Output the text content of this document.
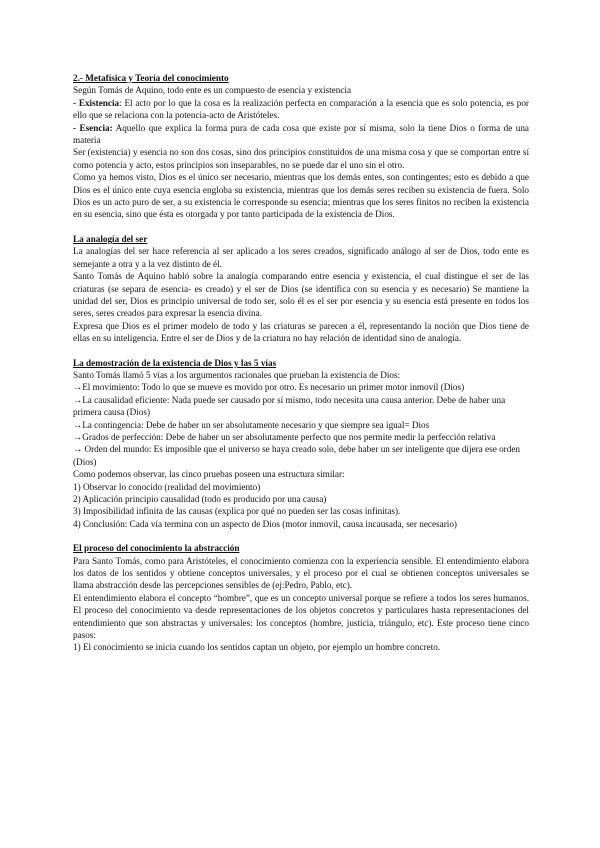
2.- Metafísica y Teoría del conocimiento

Según Tomás de Aquino, todo ente es un compuesto de esencia y existencia

- Existencia: El acto por lo que la cosa es la realización perfecta en comparación a la esencia que es solo potencia, es por ello que se relaciona con la potencia-acto de Aristóteles.

- Esencia: Aquello que explica la forma pura de cada cosa que existe por sí misma, solo la tiene Dios o forma de una materia

Ser (existencia) y esencia no son dos cosas, sino dos principios constituidos de una misma cosa y que se comportan entre sí como potencia y acto, estos principios son inseparables, no se puede dar el uno sin el otro.

Como ya hemos visto, Dios es el único ser necesario, mientras que los demás entes, son contingentes; esto es debido a que Dios es el único ente cuya esencia engloba su existencia, mientras que los demás seres reciben su existencia de fuera. Solo Dios es un acto puro de ser, a su existencia le corresponde su esencia; mientras que los seres finitos no reciben la existencia en su esencia, sino que ésta es otorgada y por tanto participada de la existencia de Dios.

La analogía del ser

La analogías del ser hace referencia al ser aplicado a los seres creados, significado análogo al ser de Dios, todo ente es semejante a otra y a la vez distinto de él.

Santo Tomás de Aquino habló sobre la analogía comparando entre esencia y existencia, el cual distingue el ser de las criaturas (se separa de esencia- es creado) y el ser de Dios (se identifica con su esencia y es necesario) Se mantiene la unidad del ser, Dios es principio universal de todo ser, solo él es el ser por esencia y su esencia está presente en todos los seres, seres creados para expresar la esencia divina.

Expresa que Dios es el primer modelo de todo y las criaturas se parecen a él, representando la noción que Dios tiene de ellas en su inteligencia. Entre el ser de Dios y de la criatura no hay relación de identidad sino de analogía.

La demostración de la existencia de Dios y las 5 vías

Santo Tomás llamó 5 vías a los argumentos racionales que prueban la existencia de Dios:

→El movimiento: Todo lo que se mueve es movido por otro. Es necesario un primer motor inmovil (Dios)

→La causalidad eficiente: Nada puede ser causado por sí mismo, todo necesita una causa anterior. Debe de haber una primera causa (Dios)

→La contingencia: Debe de haber un ser absolutamente necesario y que siempre sea igual= Dios

→Grados de perfección: Debe de haber un ser absolutamente perfecto que nos permite medir la perfección relativa

→ Orden del mundo: Es imposible que el universo se haya creado solo, debe haber un ser inteligente que dijera ese orden (Dios)

Como podemos observar, las cinco pruebas poseen una estructura similar:

1) Observar lo conocido (realidad del movimiento)

2) Aplicación principio causalidad (todo es producido por una causa)

3) Imposibilidad infinita de las causas (explica por qué no pueden ser las cosas infinitas).

4) Conclusión: Cada vía termina con un aspecto de Dios (motor inmovil, causa incausada, ser necesario)

El proceso del conocimiento la abstracción

Para Santo Tomás, como para Aristóteles, el conocimiento comienza con la experiencia sensible. El entendimiento elabora los datos de los sentidos y obtiene conceptos universales, y el proceso por el cual se obtienen conceptos universales se llama abstracción desde las percepciones sensibles de (ej:Pedro, Pablo, etc).

El entendimiento elabora el concepto “hombre”, que es un concepto universal porque se refiere a todos los seres humanos. El proceso del conocimiento va desde representaciones de los objetos concretos y particulares hasta representaciones del entendimiento que son abstractas y universales: los conceptos (hombre, justicia, triángulo, etc). Este proceso tiene cinco pasos:

1) El conocimiento se inicia cuando los sentidos captan un objeto, por ejemplo un hombre concreto.
